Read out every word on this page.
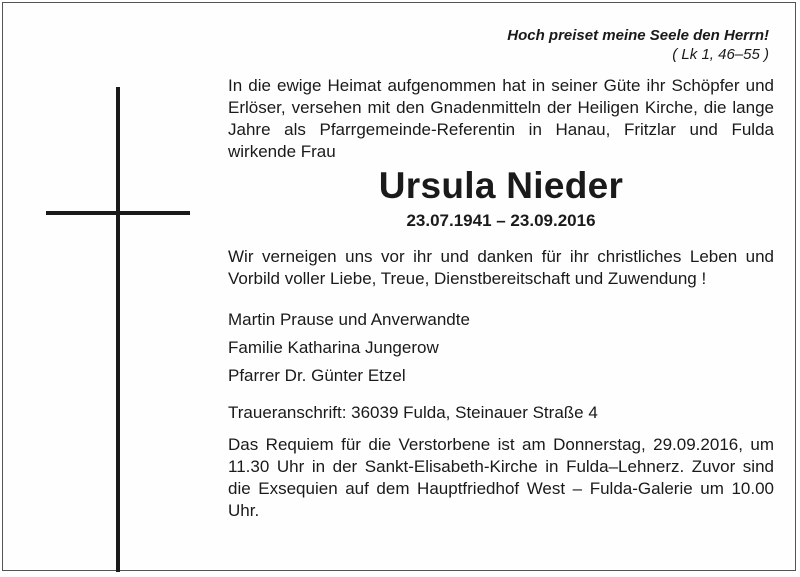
Hoch preiset meine Seele den Herrn!
( Lk 1, 46–55 )

In die ewige Heimat aufgenommen hat in seiner Güte ihr Schöpfer und Erlöser, versehen mit den Gnadenmitteln der Heiligen Kirche, die lange Jahre als Pfarrgemeinde-Referentin in Hanau, Fritzlar und Fulda wirkende Frau

Ursula Nieder
23.07.1941 – 23.09.2016
Wir verneigen uns vor ihr und danken für ihr christliches Leben und Vorbild voller Liebe, Treue, Dienstbereitschaft und Zuwendung !
Martin Prause und Anverwandte
Familie Katharina Jungerow
Pfarrer Dr. Günter Etzel
Traueranschrift: 36039 Fulda, Steinauer Straße 4
Das Requiem für die Verstorbene ist am Donnerstag, 29.09.2016, um 11.30 Uhr in der Sankt-Elisabeth-Kirche in Fulda–Lehnerz. Zuvor sind die Exsequien auf dem Hauptfriedhof West – Fulda-Galerie um 10.00 Uhr.
